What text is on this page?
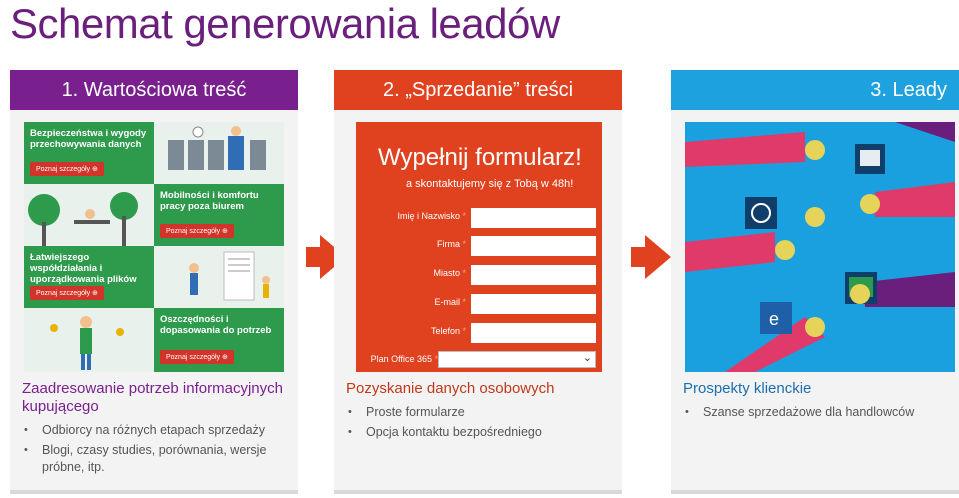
Schemat generowania leadów
1. Wartościowa treść
Bezpieczeństwa i wygody przechowywania danych
Poznaj szczegóły ⊕
Mobilności i komfortu pracy poza biurem
Poznaj szczegóły ⊕
Łatwiejszego współdziałania i uporządkowania plików
Poznaj szczegóły ⊕
Oszczędności i dopasowania do potrzeb
Poznaj szczegóły ⊕
Zaadresowanie potrzeb informacyjnych kupującego
• Odbiorcy na różnych etapach sprzedaży
• Blogi, czasy studies, porównania, wersje próbne, itp.
2. „Sprzedanie” treści
Wypełnij formularz!
a skontaktujemy się z Tobą w 48h!
Imię i Nazwisko *
Firma *
Miasto *
E-mail *
Telefon *
Plan Office 365 *	⌄
Pozyskanie danych osobowych
• Proste formularze
• Opcja kontaktu bezpośredniego
3. Leady
e
Prospekty klienckie
• Szanse sprzedażowe dla handlowców
